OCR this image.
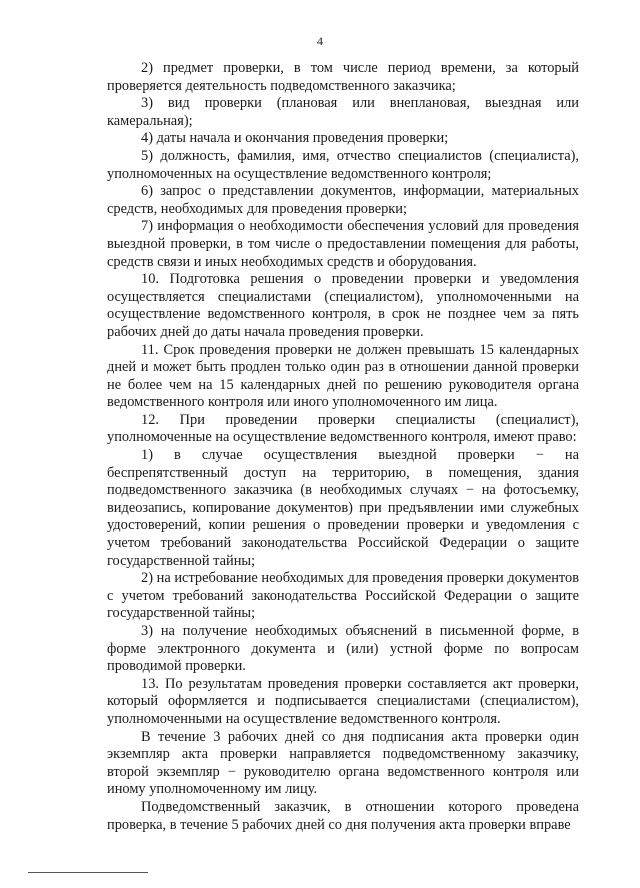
4

2) предмет проверки, в том числе период времени, за который проверяется деятельность подведомственного заказчика;

3) вид проверки (плановая или внеплановая, выездная или камеральная);

4) даты начала и окончания проведения проверки;

5) должность, фамилия, имя, отчество специалистов (специалиста), уполномоченных на осуществление ведомственного контроля;

6) запрос о представлении документов, информации, материальных средств, необходимых для проведения проверки;

7) информация о необходимости обеспечения условий для проведения выездной проверки, в том числе о предоставлении помещения для работы, средств связи и иных необходимых средств и оборудования.

10. Подготовка решения о проведении проверки и уведомления осуществляется специалистами (специалистом), уполномоченными на осуществление ведомственного контроля, в срок не позднее чем за пять рабочих дней до даты начала проведения проверки.

11. Срок проведения проверки не должен превышать 15 календарных дней и может быть продлен только один раз в отношении данной проверки не более чем на 15 календарных дней по решению руководителя органа ведомственного контроля или иного уполномоченного им лица.

12. При проведении проверки специалисты (специалист), уполномоченные на осуществление ведомственного контроля, имеют право:

1) в случае осуществления выездной проверки − на беспрепятственный доступ на территорию, в помещения, здания подведомственного заказчика (в необходимых случаях − на фотосъемку, видеозапись, копирование документов) при предъявлении ими служебных удостоверений, копии решения о проведении проверки и уведомления с учетом требований законодательства Российской Федерации о защите государственной тайны;

2) на истребование необходимых для проведения проверки документов с учетом требований законодательства Российской Федерации о защите государственной тайны;

3) на получение необходимых объяснений в письменной форме, в форме электронного документа и (или) устной форме по вопросам проводимой проверки.

13. По результатам проведения проверки составляется акт проверки, который оформляется и подписывается специалистами (специалистом), уполномоченными на осуществление ведомственного контроля.

В течение 3 рабочих дней со дня подписания акта проверки один экземпляр акта проверки направляется подведомственному заказчику, второй экземпляр − руководителю органа ведомственного контроля или иному уполномоченному им лицу.

Подведомственный заказчик, в отношении которого проведена проверка, в течение 5 рабочих дней со дня получения акта проверки вправе
